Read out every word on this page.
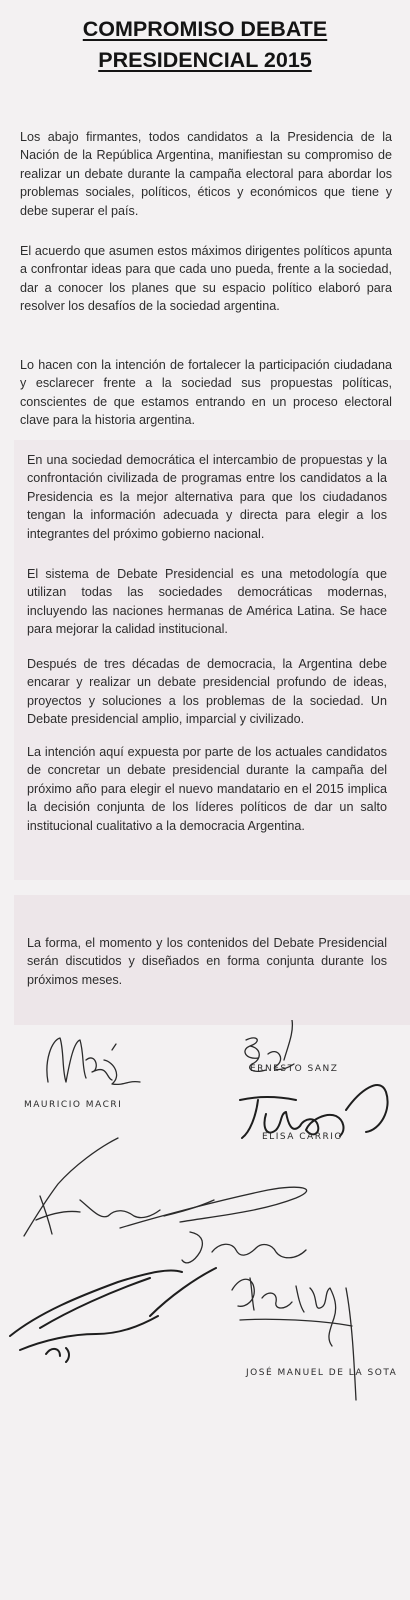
COMPROMISO DEBATE
PRESIDENCIAL 2015

Los abajo firmantes, todos candidatos a la Presidencia de la Nación de la República Argentina, manifiestan su compromiso de realizar un debate durante la campaña electoral para abordar los problemas sociales, políticos, éticos y económicos que tiene y debe superar el país.

El acuerdo que asumen estos máximos dirigentes políticos apunta a confrontar ideas para que cada uno pueda, frente a la sociedad, dar a conocer los planes que su espacio político elaboró para resolver los desafíos de la sociedad argentina.

Lo hacen con la intención de fortalecer la participación ciudadana y esclarecer frente a la sociedad sus propuestas políticas, conscientes de que estamos entrando en un proceso electoral clave para la historia argentina.

En una sociedad democrática el intercambio de propuestas y la confrontación civilizada de programas entre los candidatos a la Presidencia es la mejor alternativa para que los ciudadanos tengan la información adecuada y directa para elegir a los integrantes del próximo gobierno nacional.

El sistema de Debate Presidencial es una metodología que utilizan todas las sociedades democráticas modernas, incluyendo las naciones hermanas de América Latina. Se hace para mejorar la calidad institucional.

Después de tres décadas de democracia, la Argentina debe encarar y realizar un debate presidencial profundo de ideas, proyectos y soluciones a los problemas de la sociedad. Un Debate presidencial amplio, imparcial y civilizado.

La intención aquí expuesta por parte de los actuales candidatos de concretar un debate presidencial durante la campaña del próximo año para elegir el nuevo mandatario en el 2015 implica la decisión conjunta de los líderes políticos de dar un salto institucional cualitativo a la democracia Argentina.

La forma, el momento y los contenidos del Debate Presidencial serán discutidos y diseñados en forma conjunta durante los próximos meses.

MAURICIO MACRI
ERNESTO SANZ
ELISA CARRIO
JOSÉ MANUEL DE LA SOTA
